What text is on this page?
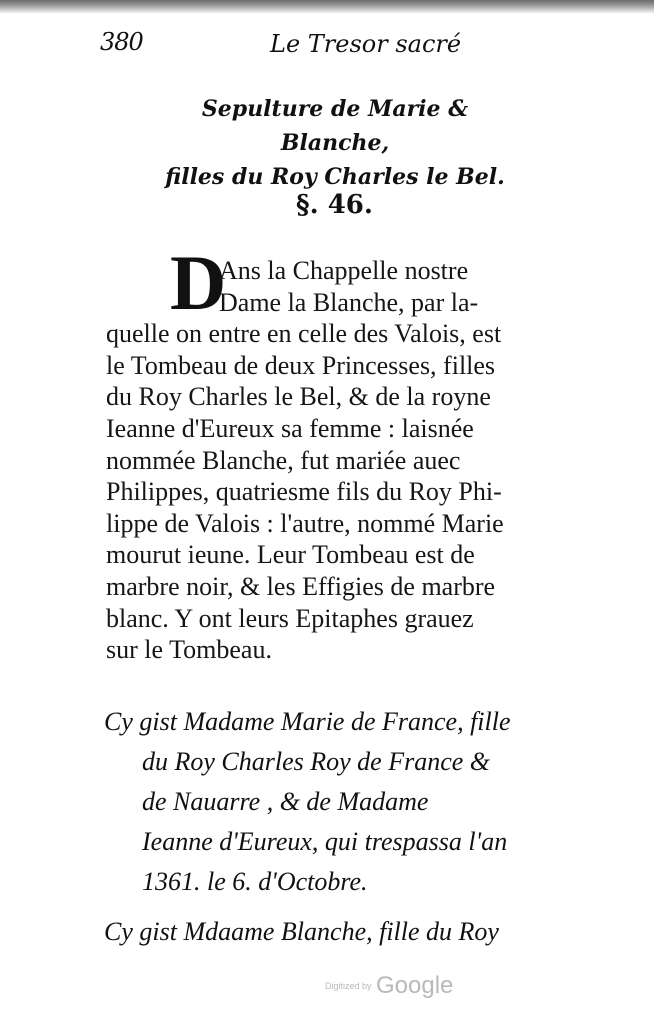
380	Le Tresor sacré
Sepulture de Marie & Blanche,
filles du Roy Charles le Bel.
§. 46.
D
Ans la Chappelle nostre
Dame la Blanche, par la-
quelle on entre en celle des Valois, est
le Tombeau de deux Princesses, filles
du Roy Charles le Bel, & de la royne
Ieanne d'Eureux sa femme : laisnée
nommée Blanche, fut mariée auec
Philippes, quatriesme fils du Roy Phi-
lippe de Valois : l'autre, nommé Marie
mourut ieune. Leur Tombeau est de
marbre noir, & les Effigies de marbre
blanc. Y ont leurs Epitaphes grauez
sur le Tombeau.
Cy gist Madame Marie de France, fille
du Roy Charles Roy de France &
de Nauarre , & de Madame
Ieanne d'Eureux, qui trespassa l'an
1361. le 6. d'Octobre.
Cy gist Mdaame Blanche, fille du Roy
Digitized by Google
